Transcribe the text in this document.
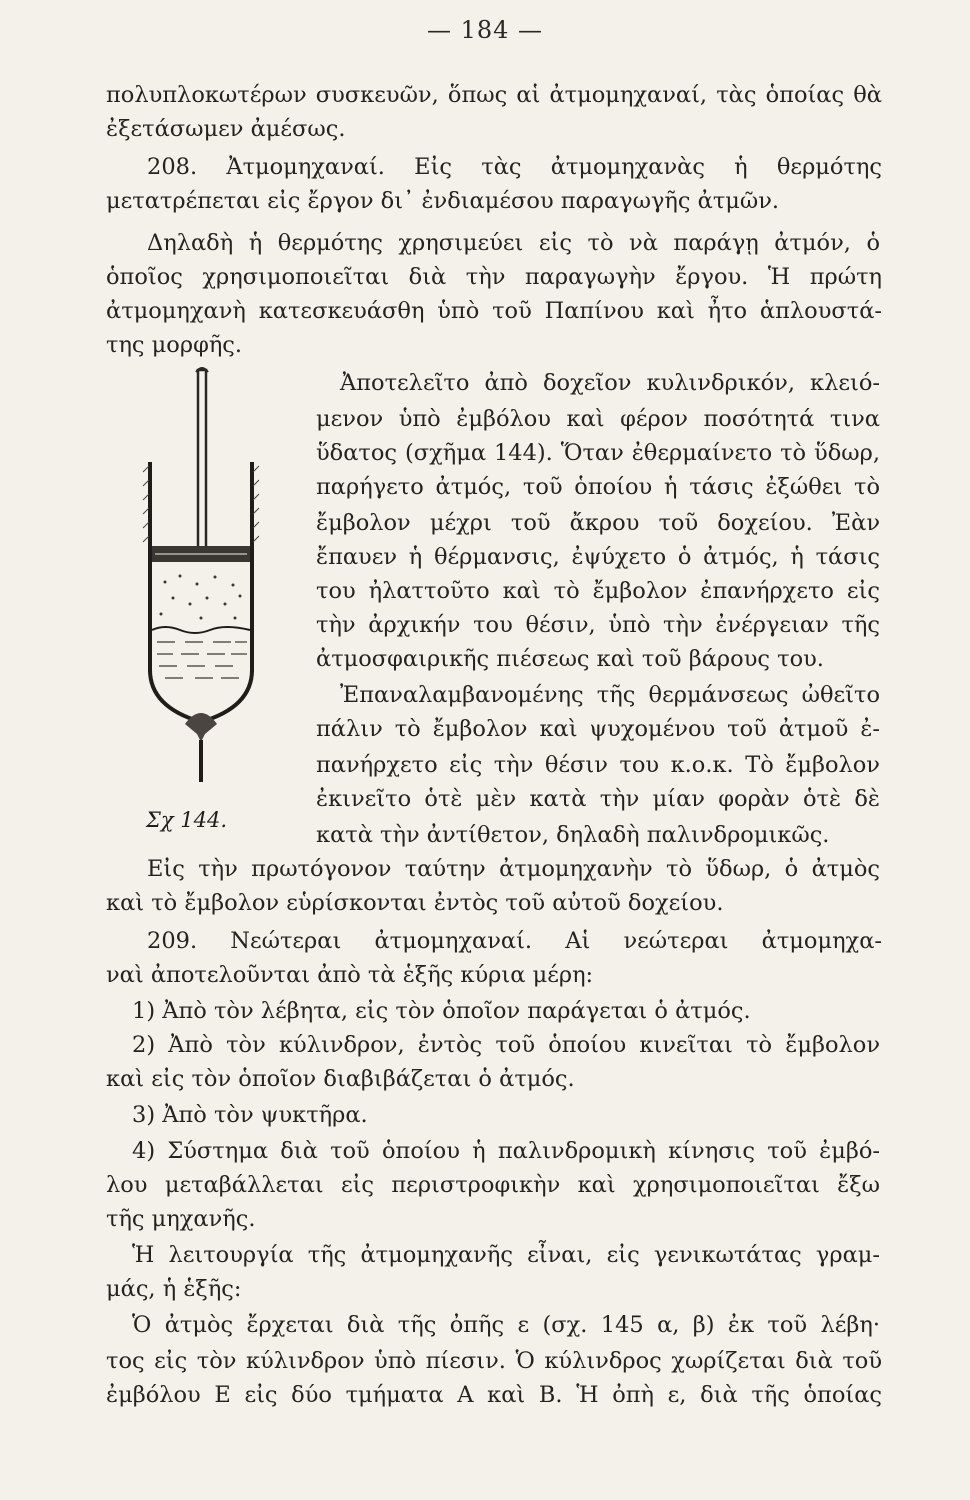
— 184 —
πολυπλοκωτέρων συσκευῶν, ὅπως αἱ ἀτμομηχαναί, τὰς ὁποίας θὰ
ἐξετάσωμεν ἀμέσως.
208. Ἀτμομηχαναί. Εἰς τὰς ἀτμομηχανὰς ἡ θερμότης
μετατρέπεται εἰς ἔργον δι᾽ ἐνδιαμέσου παραγωγῆς ἀτμῶν.
Δηλαδὴ ἡ θερμότης χρησιμεύει εἰς τὸ νὰ παράγῃ ἀτμόν, ὁ
ὁποῖος χρησιμοποιεῖται διὰ τὴν παραγωγὴν ἔργου. Ἡ πρώτη
ἀτμομηχανὴ κατεσκευάσθη ὑπὸ τοῦ Παπίνου καὶ ἦτο ἁπλουστά-
της μορφῆς.
Ἀποτελεῖτο ἀπὸ δοχεῖον κυλινδρικόν, κλειό-
μενον ὑπὸ ἐμβόλου καὶ φέρον ποσότητά τινα
ὕδατος (σχῆμα 144). Ὅταν ἐθερμαίνετο τὸ ὕδωρ,
παρήγετο ἀτμός, τοῦ ὁποίου ἡ τάσις ἐξώθει τὸ
ἔμβολον μέχρι τοῦ ἄκρου τοῦ δοχείου. Ἐὰν
ἔπαυεν ἡ θέρμανσις, ἐψύχετο ὁ ἀτμός, ἡ τάσις
του ἠλαττοῦτο καὶ τὸ ἔμβολον ἐπανήρχετο εἰς
τὴν ἀρχικήν του θέσιν, ὑπὸ τὴν ἐνέργειαν τῆς
ἀτμοσφαιρικῆς πιέσεως καὶ τοῦ βάρους του.
Ἐπαναλαμβανομένης τῆς θερμάνσεως ὠθεῖτο
πάλιν τὸ ἔμβολον καὶ ψυχομένου τοῦ ἀτμοῦ ἐ-
πανήρχετο εἰς τὴν θέσιν του κ.ο.κ. Τὸ ἔμβολον
ἐκινεῖτο ὁτὲ μὲν κατὰ τὴν μίαν φορὰν ὁτὲ δὲ
κατὰ τὴν ἀντίθετον, δηλαδὴ παλινδρομικῶς.
Εἰς τὴν πρωτόγονον ταύτην ἀτμομηχανὴν τὸ ὕδωρ, ὁ ἀτμὸς
καὶ τὸ ἔμβολον εὑρίσκονται ἐντὸς τοῦ αὐτοῦ δοχείου.
209. Νεώτεραι ἀτμομηχαναί. Αἱ νεώτεραι ἀτμομηχα-
ναὶ ἀποτελοῦνται ἀπὸ τὰ ἑξῆς κύρια μέρη:
1) Ἀπὸ τὸν λέβητα, εἰς τὸν ὁποῖον παράγεται ὁ ἀτμός.
2) Ἀπὸ τὸν κύλινδρον, ἐντὸς τοῦ ὁποίου κινεῖται τὸ ἔμβολον
καὶ εἰς τὸν ὁποῖον διαβιβάζεται ὁ ἀτμός.
3) Ἀπὸ τὸν ψυκτῆρα.
4) Σύστημα διὰ τοῦ ὁποίου ἡ παλινδρομικὴ κίνησις τοῦ ἐμβό-
λου μεταβάλλεται εἰς περιστροφικὴν καὶ χρησιμοποιεῖται ἔξω
τῆς μηχανῆς.
Ἡ λειτουργία τῆς ἀτμομηχανῆς εἶναι, εἰς γενικωτάτας γραμ-
μάς, ἡ ἑξῆς:
Ὁ ἀτμὸς ἔρχεται διὰ τῆς ὀπῆς ε (σχ. 145 α, β) ἐκ τοῦ λέβη·
τος εἰς τὸν κύλινδρον ὑπὸ πίεσιν. Ὁ κύλινδρος χωρίζεται διὰ τοῦ
ἐμβόλου Ε εἰς δύο τμήματα Α καὶ Β. Ἡ ὀπὴ ε, διὰ τῆς ὁποίας
Σχ 144.
